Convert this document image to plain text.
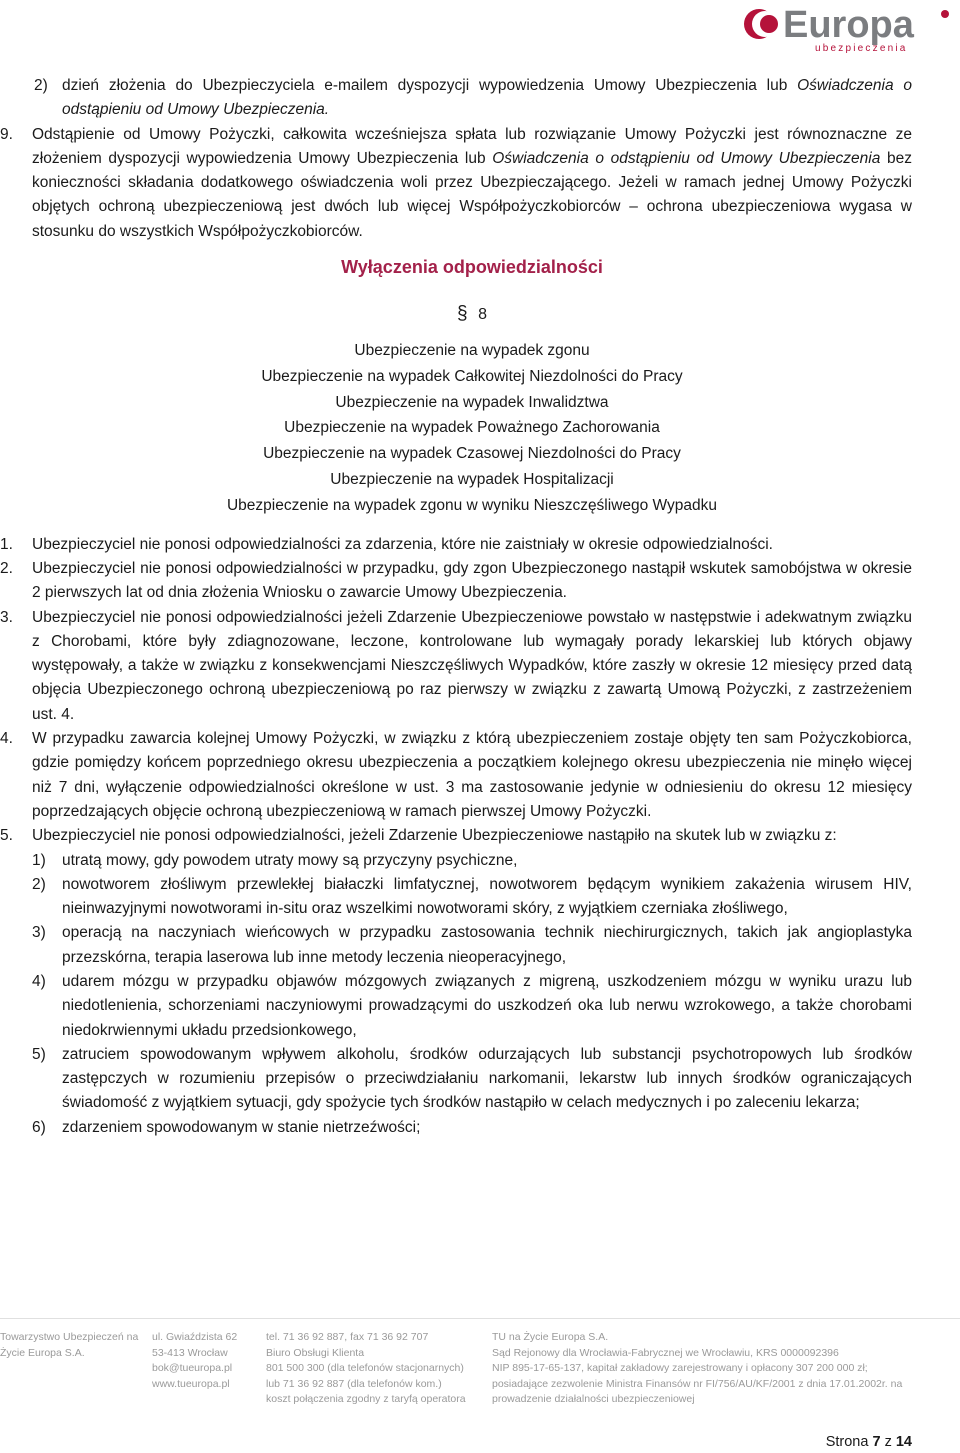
Europa
ubezpieczenia
2) dzień złożenia do Ubezpieczyciela e-mailem dyspozycji wypowiedzenia Umowy Ubezpieczenia lub Oświadczenia o odstąpieniu od Umowy Ubezpieczenia.
9. Odstąpienie od Umowy Pożyczki, całkowita wcześniejsza spłata lub rozwiązanie Umowy Pożyczki jest równoznaczne ze złożeniem dyspozycji wypowiedzenia Umowy Ubezpieczenia lub Oświadczenia o odstąpieniu od Umowy Ubezpieczenia bez konieczności składania dodatkowego oświadczenia woli przez Ubezpieczającego. Jeżeli w ramach jednej Umowy Pożyczki objętych ochroną ubezpieczeniową jest dwóch lub więcej Współpożyczkobiorców – ochrona ubezpieczeniowa wygasa w stosunku do wszystkich Współpożyczkobiorców.
Wyłączenia odpowiedzialności
§ 8
Ubezpieczenie na wypadek zgonu
Ubezpieczenie na wypadek Całkowitej Niezdolności do Pracy
Ubezpieczenie na wypadek Inwalidztwa
Ubezpieczenie na wypadek Poważnego Zachorowania
Ubezpieczenie na wypadek Czasowej Niezdolności do Pracy
Ubezpieczenie na wypadek Hospitalizacji
Ubezpieczenie na wypadek zgonu w wyniku Nieszczęśliwego Wypadku
1. Ubezpieczyciel nie ponosi odpowiedzialności za zdarzenia, które nie zaistniały w okresie odpowiedzialności.
2. Ubezpieczyciel nie ponosi odpowiedzialności w przypadku, gdy zgon Ubezpieczonego nastąpił wskutek samobójstwa w okresie 2 pierwszych lat od dnia złożenia Wniosku o zawarcie Umowy Ubezpieczenia.
3. Ubezpieczyciel nie ponosi odpowiedzialności jeżeli Zdarzenie Ubezpieczeniowe powstało w następstwie i adekwatnym związku z Chorobami, które były zdiagnozowane, leczone, kontrolowane lub wymagały porady lekarskiej lub których objawy występowały, a także w związku z konsekwencjami Nieszczęśliwych Wypadków, które zaszły w okresie 12 miesięcy przed datą objęcia Ubezpieczonego ochroną ubezpieczeniową po raz pierwszy w związku z zawartą Umową Pożyczki, z zastrzeżeniem ust. 4.
4. W przypadku zawarcia kolejnej Umowy Pożyczki, w związku z którą ubezpieczeniem zostaje objęty ten sam Pożyczkobiorca, gdzie pomiędzy końcem poprzedniego okresu ubezpieczenia a początkiem kolejnego okresu ubezpieczenia nie minęło więcej niż 7 dni, wyłączenie odpowiedzialności określone w ust. 3 ma zastosowanie jedynie w odniesieniu do okresu 12 miesięcy poprzedzających objęcie ochroną ubezpieczeniową w ramach pierwszej Umowy Pożyczki.
5. Ubezpieczyciel nie ponosi odpowiedzialności, jeżeli Zdarzenie Ubezpieczeniowe nastąpiło na skutek lub w związku z:
1) utratą mowy, gdy powodem utraty mowy są przyczyny psychiczne,
2) nowotworem złośliwym przewlekłej białaczki limfatycznej, nowotworem będącym wynikiem zakażenia wirusem HIV, nieinwazyjnymi nowotworami in-situ oraz wszelkimi nowotworami skóry, z wyjątkiem czerniaka złośliwego,
3) operacją na naczyniach wieńcowych w przypadku zastosowania technik niechirurgicznych, takich jak angioplastyka przezskórna, terapia laserowa lub inne metody leczenia nieoperacyjnego,
4) udarem mózgu w przypadku objawów mózgowych związanych z migreną, uszkodzeniem mózgu w wyniku urazu lub niedotlenienia, schorzeniami naczyniowymi prowadzącymi do uszkodzeń oka lub nerwu wzrokowego, a także chorobami niedokrwiennymi układu przedsionkowego,
5) zatruciem spowodowanym wpływem alkoholu, środków odurzających lub substancji psychotropowych lub środków zastępczych w rozumieniu przepisów o przeciwdziałaniu narkomanii, lekarstw lub innych środków ograniczających świadomość z wyjątkiem sytuacji, gdy spożycie tych środków nastąpiło w celach medycznych i po zaleceniu lekarza;
6) zdarzeniem spowodowanym w stanie nietrzeźwości;
Towarzystwo Ubezpieczeń na
Życie Europa S.A.
ul. Gwiaździsta 62
53-413 Wrocław
bok@tueuropa.pl
www.tueuropa.pl
tel. 71 36 92 887, fax 71 36 92 707
Biuro Obsługi Klienta
801 500 300 (dla telefonów stacjonarnych)
lub 71 36 92 887 (dla telefonów kom.)
koszt połączenia zgodny z taryfą operatora
TU na Życie Europa S.A.
Sąd Rejonowy dla Wrocławia-Fabrycznej we Wrocławiu, KRS 0000092396
NIP 895-17-65-137, kapitał zakładowy zarejestrowany i opłacony 307 200 000 zł;
posiadające zezwolenie Ministra Finansów nr FI/756/AU/KF/2001 z dnia 17.01.2002r. na
prowadzenie działalności ubezpieczeniowej
Strona 7 z 14
